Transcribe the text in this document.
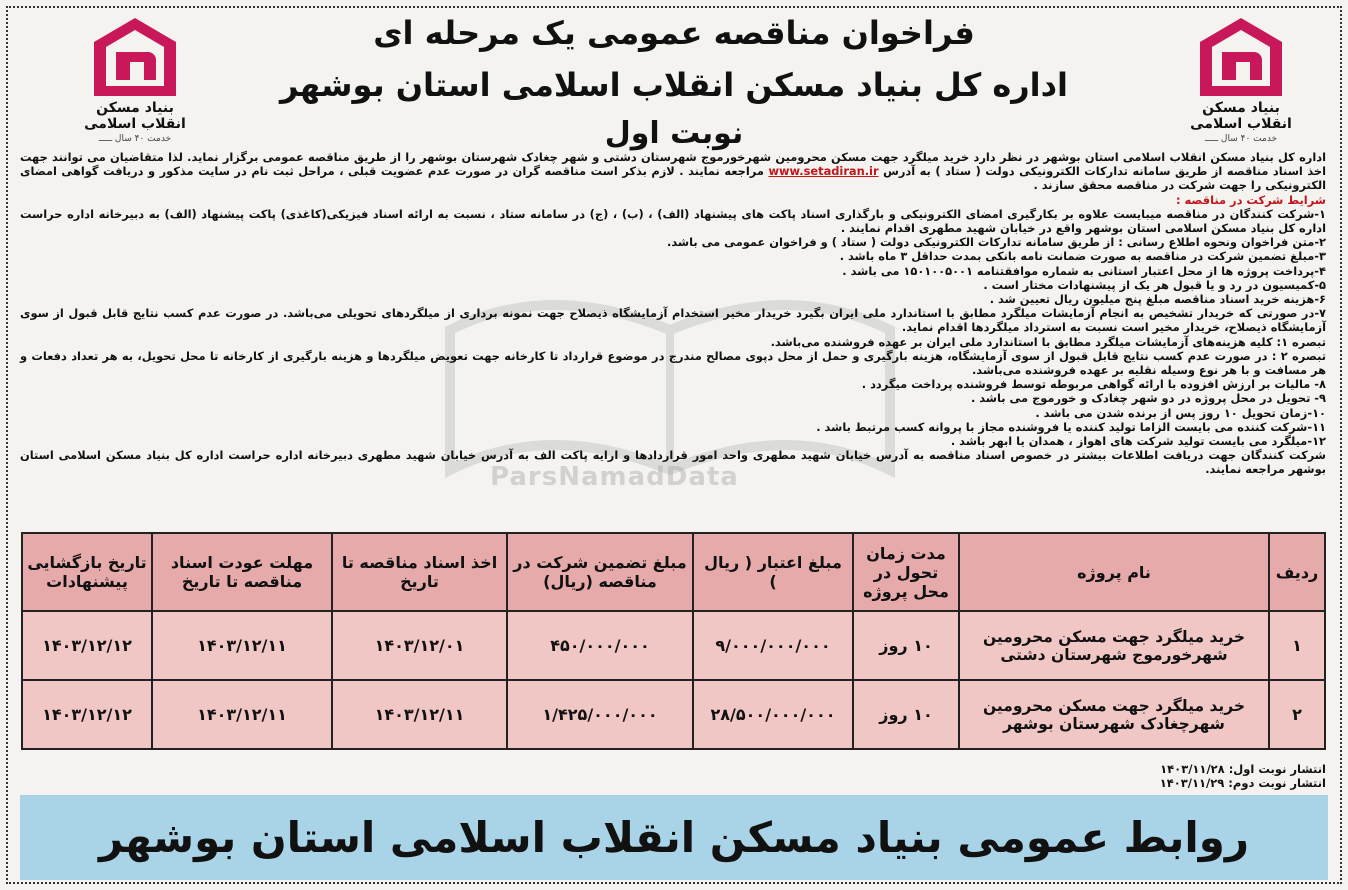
بنیاد مسکن انقلاب اسلامی
خدمت ۴۰ سال ـــــ
بنیاد مسکن انقلاب اسلامی
خدمت ۴۰ سال ـــــ
فراخوان مناقصه عمومی یک مرحله ای
اداره کل بنیاد مسکن انقلاب اسلامی استان بوشهر
نوبت اول

اداره کل بنیاد مسکن انقلاب اسلامی استان بوشهر در نظر دارد خرید میلگرد جهت مسکن محرومین شهرخورموج شهرستان دشتی و شهر چغادک شهرستان بوشهر را از طریق مناقصه عمومی برگزار نماید. لذا متقاضیان می توانند جهت اخذ اسناد مناقصه از طریق سامانه تدارکات الکترونیکی دولت ( ستاد ) به آدرس www.setadiran.ir مراجعه نمایند . لازم بذکر است مناقصه گران در صورت عدم عضویت قبلی ، مراحل ثبت نام در سایت مذکور و دریافت گواهی امضای الکترونیکی را جهت شرکت در مناقصه محقق سازند .

شرایط شرکت در مناقصه :

۱-شرکت کنندگان در مناقصه میبایست علاوه بر بکارگیری امضای الکترونیکی و بارگذاری اسناد پاکت های پیشنهاد (الف) ، (ب) ، (ج) در سامانه ستاد ، نسبت به ارائه اسناد فیزیکی(کاغذی) پاکت پیشنهاد (الف) به دبیرخانه اداره حراست اداره کل بنیاد مسکن اسلامی استان بوشهر واقع در خیابان شهید مطهری اقدام نمایند .

۲-متن فراخوان ونحوه اطلاع رسانی : از طریق سامانه تدارکات الکترونیکی دولت ( ستاد ) و فراخوان عمومی می باشد.

۳-مبلغ تضمین شرکت در مناقصه به صورت ضمانت نامه بانکی بمدت حداقل ۳ ماه باشد .

۴-پرداخت پروژه ها از محل اعتبار استانی به شماره موافقتنامه ۱۵۰۱۰۰۵۰۰۱ می باشد .

۵-کمیسیون در رد و یا قبول هر یک از پیشنهادات مختار است .

۶-هزینه خرید اسناد مناقصه مبلغ پنج میلیون ریال تعیین شد .

۷-در صورتی که خریدار تشخیص به انجام آزمایشات میلگرد مطابق با استاندارد ملی ایران بگیرد خریدار مخیر استخدام آزمایشگاه ذیصلاح جهت نمونه برداری از میلگردهای تحویلی می‌باشد. در صورت عدم کسب نتایج قابل قبول از سوی آزمایشگاه ذیصلاح، خریدار مخیر است نسبت به استرداد میلگردها اقدام نماید.

تبصره ۱: کلیه هزینه‌های آزمایشات میلگرد مطابق با استاندارد ملی ایران بر عهده فروشنده می‌باشد.

تبصره ۲ : در صورت عدم کسب نتایج قابل قبول از سوی آزمایشگاه، هزینه بارگیری و حمل از محل دپوی مصالح مندرج در موضوع قرارداد تا کارخانه جهت تعویض میلگردها و هزینه بارگیری از کارخانه تا محل تحویل، به هر تعداد دفعات و هر مسافت و با هر نوع وسیله نقلیه بر عهده فروشنده می‌باشد.

۸- مالیات بر ارزش افزوده با ارائه گواهی مربوطه توسط فروشنده پرداخت میگردد .

۹- تحویل در محل پروژه در دو شهر چغادک و خورموج می باشد .

۱۰-زمان تحویل ۱۰ روز پس از برنده شدن می باشد .

۱۱-شرکت کننده می بایست الزاما تولید کننده یا فروشنده مجاز با پروانه کسب مرتبط باشد .

۱۲-میلگرد می بایست تولید شرکت های اهواز ، همدان یا ابهر باشد .

شرکت کنندگان جهت دریافت اطلاعات بیشتر در خصوص اسناد مناقصه به آدرس خیابان شهید مطهری واحد امور قراردادها و ارایه پاکت الف به آدرس خیابان شهید مطهری دبیرخانه اداره حراست اداره کل بنیاد مسکن اسلامی استان بوشهر مراجعه نمایند.

ParsNamadData
ردیف	نام پروژه	مدت زمان تحول در محل پروژه	مبلغ اعتبار ( ریال )	مبلغ تضمین شرکت در مناقصه (ریال)	اخذ اسناد مناقصه تا تاریخ	مهلت عودت اسناد مناقصه تا تاریخ	تاریخ بازگشایی پیشنهادات
۱	خرید میلگرد جهت مسکن محرومین شهرخورموج شهرستان دشتی	۱۰ روز	۹/۰۰۰/۰۰۰/۰۰۰	۴۵۰/۰۰۰/۰۰۰	۱۴۰۳/۱۲/۰۱	۱۴۰۳/۱۲/۱۱	۱۴۰۳/۱۲/۱۲
۲	خرید میلگرد جهت مسکن محرومین شهرچغادک شهرستان بوشهر	۱۰ روز	۲۸/۵۰۰/۰۰۰/۰۰۰	۱/۴۲۵/۰۰۰/۰۰۰	۱۴۰۳/۱۲/۱۱	۱۴۰۳/۱۲/۱۱	۱۴۰۳/۱۲/۱۲
انتشار نوبت اول: ۱۴۰۳/۱۱/۲۸
انتشار نوبت دوم: ۱۴۰۳/۱۱/۲۹
روابط عمومی بنیاد مسکن انقلاب اسلامی استان بوشهر
